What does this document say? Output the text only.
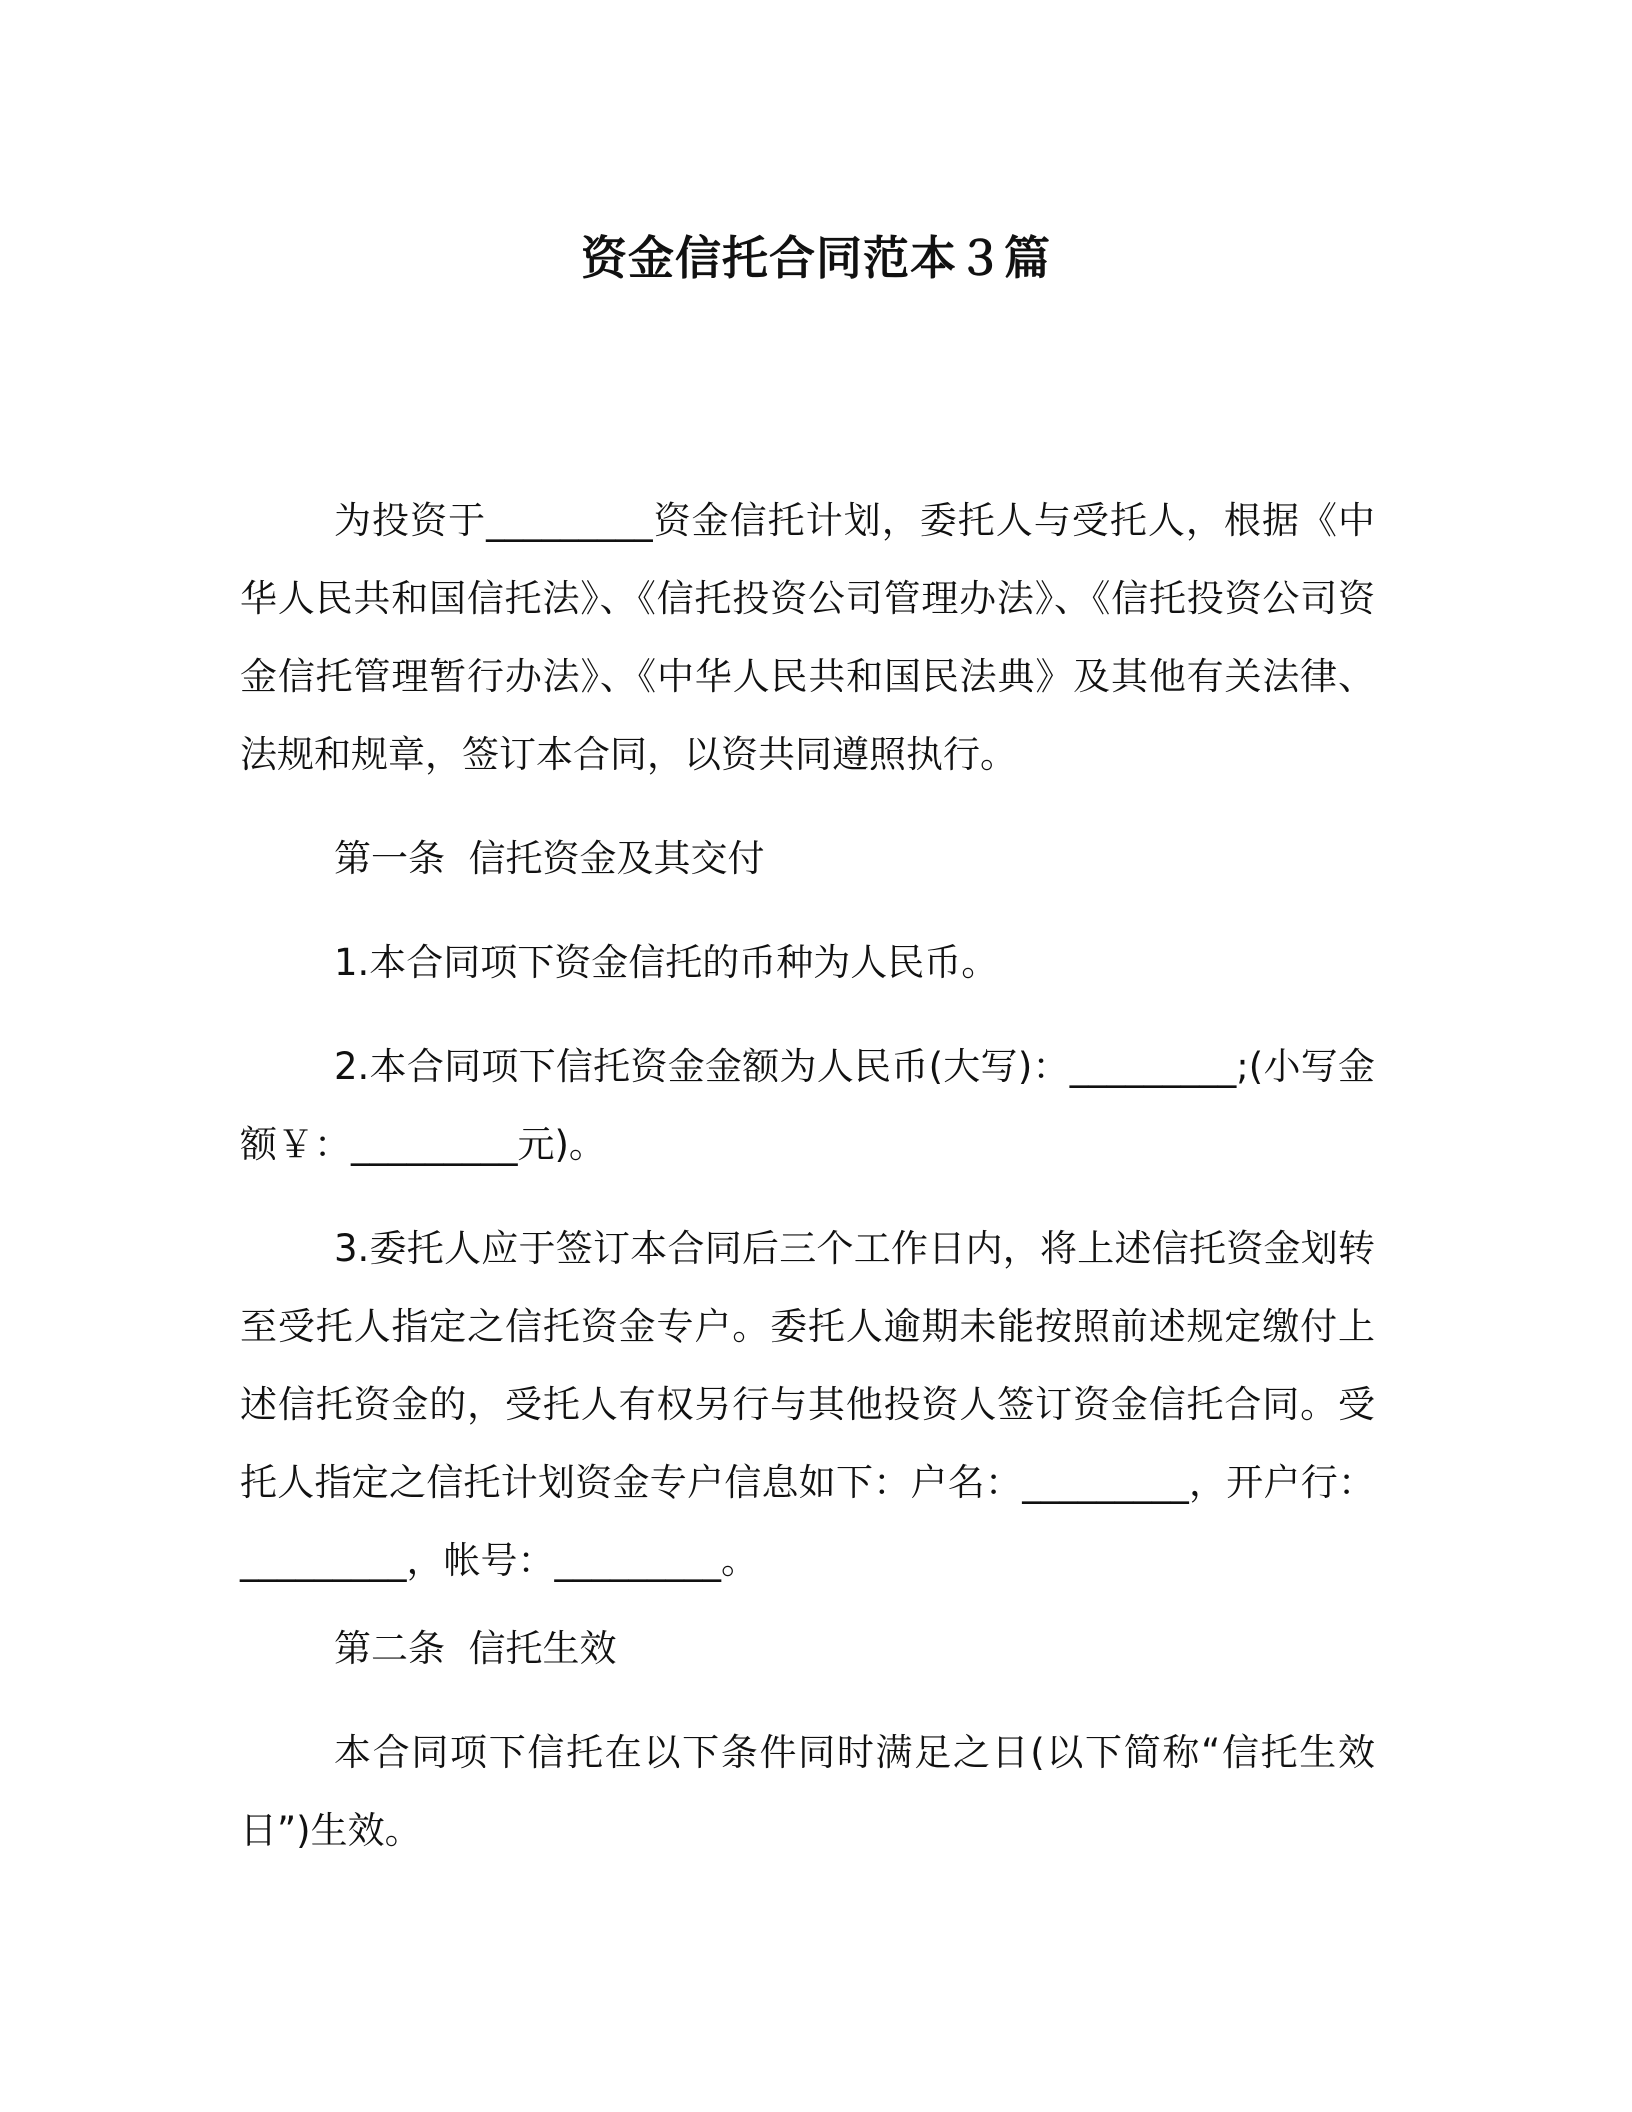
资金信托合同范本３篇

为投资于_________资金信托计划，委托人与受托人，根据《中华人民共和国信托法》、《信托投资公司管理办法》、《信托投资公司资金信托管理暂行办法》、《中华人民共和国民法典》及其他有关法律、法规和规章，签订本合同，以资共同遵照执行。

第一条 信托资金及其交付

1.本合同项下资金信托的币种为人民币。

2.本合同项下信托资金金额为人民币(大写)：_________;(小写金额￥：_________元)。

3.委托人应于签订本合同后三个工作日内，将上述信托资金划转至受托人指定之信托资金专户。委托人逾期未能按照前述规定缴付上述信托资金的，受托人有权另行与其他投资人签订资金信托合同。受托人指定之信托计划资金专户信息如下：户名：_________，开户行：_________，帐号：_________。

第二条 信托生效

本合同项下信托在以下条件同时满足之日(以下简称“信托生效日”)生效。
